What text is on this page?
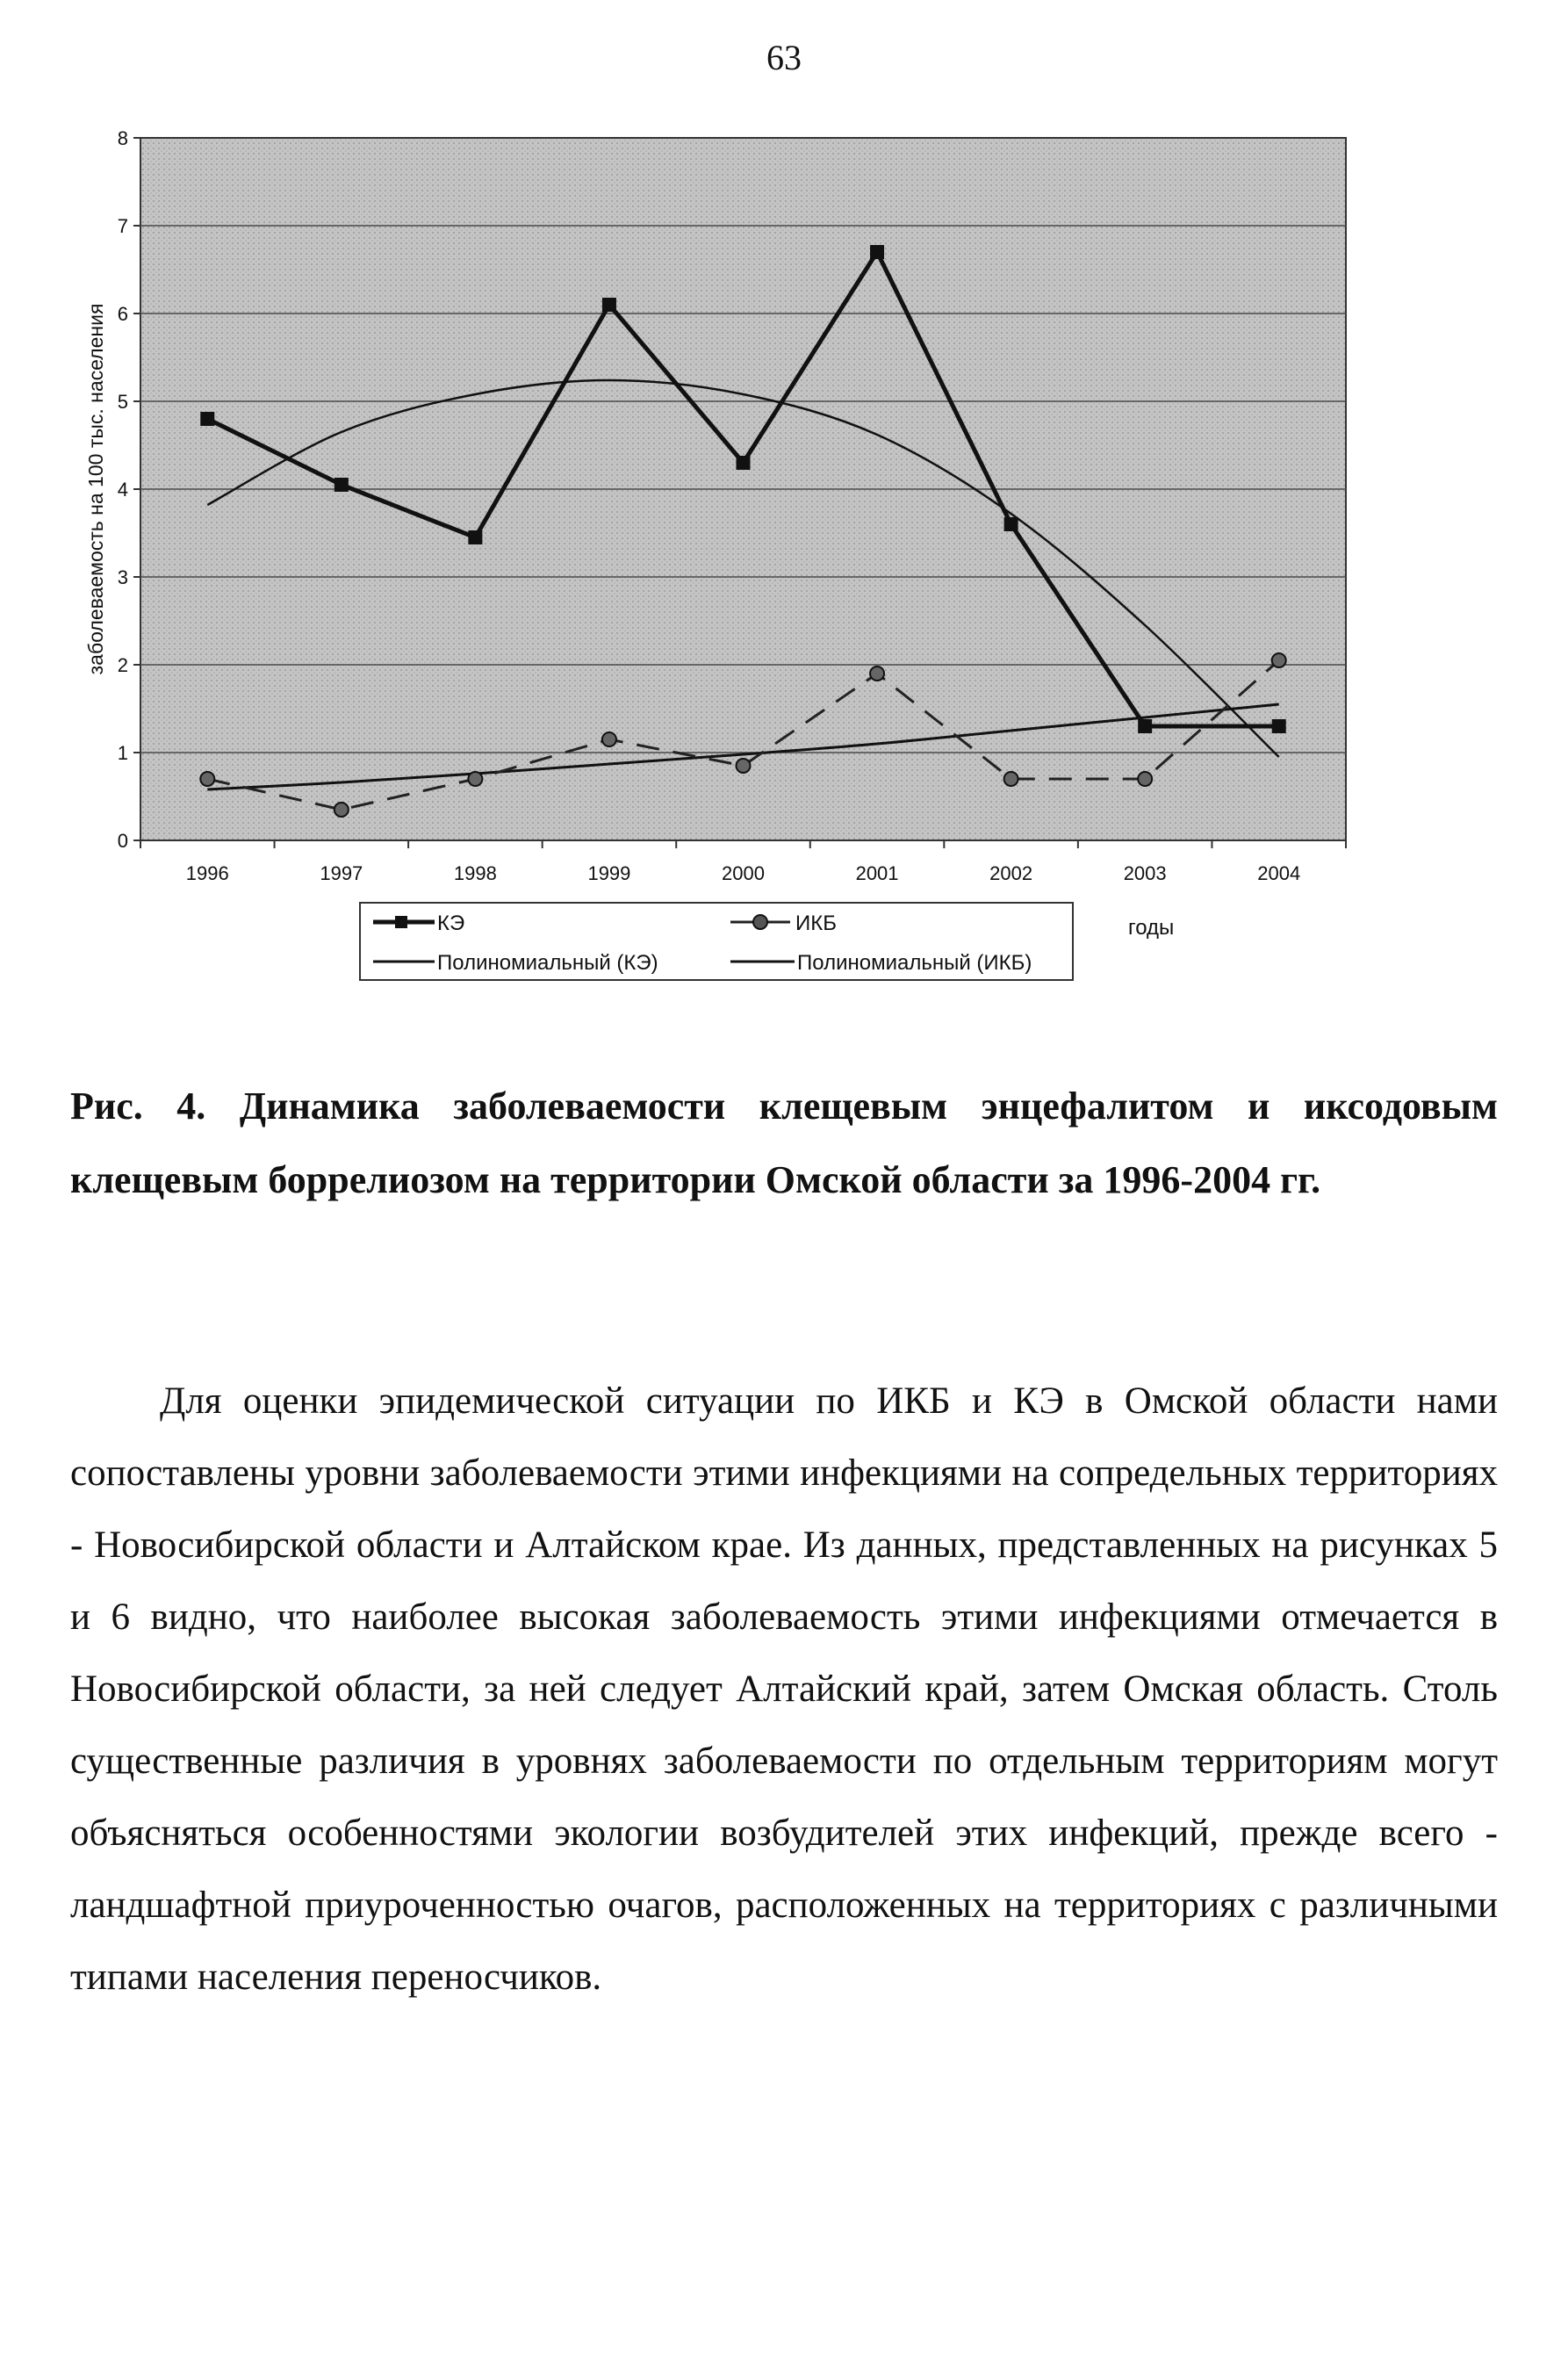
63
0
1
2
3
4
5
6
7
8
1996	1997	1998	1999	2000	2001	2002	2003	2004
заболеваемость на 100 тыс. населения
КЭ	ИКБ
Полиномиальный (КЭ)	Полиномиальный (ИКБ)
годы
Рис. 4. Динамика заболеваемости клещевым энцефалитом и иксодовым клещевым боррелиозом на территории Омской области за 1996-2004 гг.

Для оценки эпидемической ситуации по ИКБ и КЭ в Омской области нами сопоставлены уровни заболеваемости этими инфекциями на сопредельных территориях - Новосибирской области и Алтайском крае. Из данных, представленных на рисунках 5 и 6 видно, что наиболее высокая заболеваемость этими инфекциями отмечается в Новосибирской области, за ней следует Алтайский край, затем Омская область. Столь существенные различия в уровнях заболеваемости по отдельным территориям могут объясняться особенностями экологии возбудителей этих инфекций, прежде всего - ландшафтной приуроченностью очагов, расположенных на территориях с различными типами населения переносчиков.
